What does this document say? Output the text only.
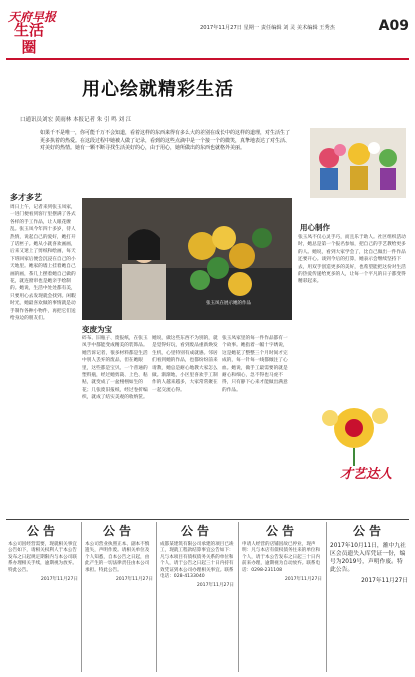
天府早报
生活
圈
2017年11月27日 星期一 责任编辑 刘 灵 美术编辑 王秀杰	A09
用心绘就精彩生活
口通讯员刘宏 黄雨林 本报记者 朱 引 鸣 刘 江
如果千不是唯一，你可能千万不会知道，看着这样的东西来得有多么大的差别在成长中的这样的道理，对生活生了更多执着的热爱。在这段过程中她被人做了记录，看到的这些点滴中是一个接一个的微笑，真挚地表达了对生活、对美好的热情。她有一颗不断寻找生活美好的心，由于用心，她所做出的东西也就格外美丽。
多才多艺
周日上午，记者来到张玉凤家，一进门便看到客厅里摆满了各式各样的手工作品，让人眼花缭乱。张玉凤今年四十多岁，待人热情，说起自己的爱好，她打开了话匣子。她从小就喜欢画画，后来又迷上了剪纸和绘画，每天下班回家后便会沉浸在自己的小天地里。她家的墙上挂着她自己画的画，茶几上摆着她自己做的花，就连窗帘也是她亲手绘制的。她说，生活中处处都有美，只要用心去发现就会找到。闲暇时光，她最喜欢做的事情就是动手制作各种小物件，再把它们送给身边的朋友们。
张玉凤在展示她的作品
变废为宝
碎布、旧瓶子、废报纸，在张玉凤手中都能变成精美的装饰品。她告诉记者，很多材料都是生活中别人丢弃的废品，但在她眼里，这些都是宝贝。一个普通的塑料瓶，经过她剪裁、上色、粘贴，就变成了一盆栩栩如生的花；几张废旧报纸，经过卷折编织，就成了结实美观的收纳筐。
她说，做这些东西不为别的，就是觉得好玩，看到废品重新焕发生机，心里特别有成就感。邻居们看到她的作品，也都纷纷前来请教，她总是耐心地教大家怎么做。渐渐地，小区里喜欢手工制作的人越来越多，大家常常聚在一起交流心得。
张玉凤家里的每一件作品都有一个故事。她指着一幅十字绣说，这是她花了整整三个月时间才完成的，每一针每一线都倾注了心血。她说，做手工最需要的就是耐心和细心，急不得也马虎不得，只有静下心来才能做出满意的作品。
用心制作
张玉凤不仅心灵手巧，而且乐于助人。社区组织活动时，她总是第一个报名参加，把自己的手艺教给更多的人。她说，看到大家学会了，比自己做出一件作品还要开心。谈到今后的打算，她表示会继续坚持下去，用双手创造更多的美好，也希望能把这份对生活的热爱传递给更多的人，让每一个平凡的日子都变得精彩起来。
才艺达人
公告
本公司因经营需要，现就相关事宜公告如下，请相关权利人于本公告发布之日起规定期限内与本公司联系办理相关手续，逾期视为放弃。特此公告。
2017年11月27日
公告
本公司营业执照正本、副本不慎遗失，声明作废。请相关单位及个人知悉，自本公告之日起，由此产生的一切法律责任由本公司承担。特此公告。
2017年11月27日
公告
成都某建筑有限公司承建的项目已竣工，现就工程款结算事宜公告如下：凡与本项目有债权债务关系的单位和个人，请于公告之日起三十日内持有效凭证到本公司办理相关事宜。联系电话：028-4133040
2017年11月27日
公告
申请人经营的店铺因故已停业，现声明：凡与本店有债权债务往来的单位和个人，请于本公告发布之日起三十日内前来办理，逾期视为自动放弃。联系电话：0298-231108
2017年11月27日
公告
2017年10月11日，雒中九社区会员遗失入库凭证一份，编号为2019号，声明作废。特此公告。
2017年11月27日
